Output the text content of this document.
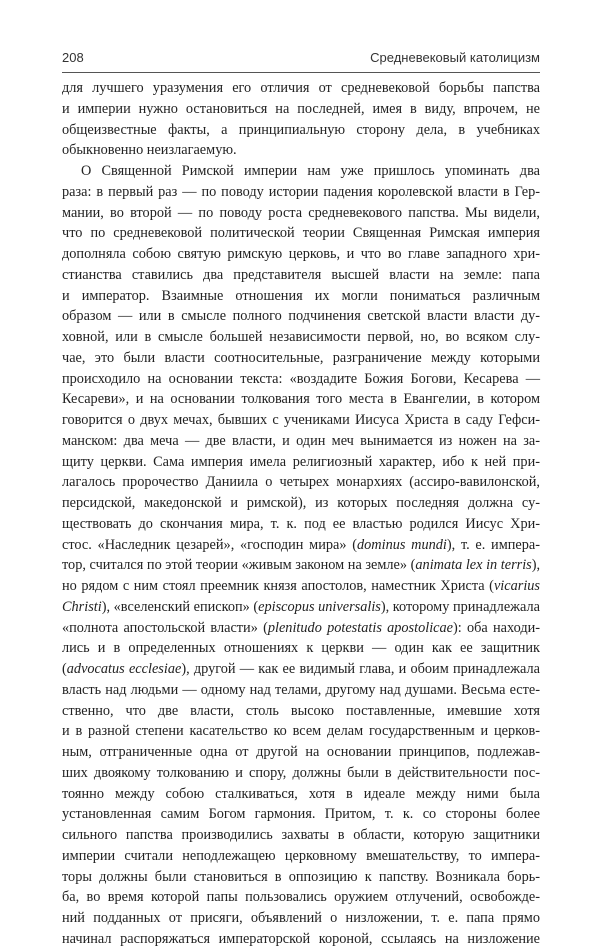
208	Средневековый католицизм
для лучшего уразумения его отличия от средневековой борьбы папства
и империи нужно остановиться на последней, имея в виду, впрочем, не
общеизвестные факты, а принципиальную сторону дела, в учебниках
обыкновенно неизлагаемую.
О Священной Римской империи нам уже пришлось упоминать два
раза: в первый раз — по поводу истории падения королевской власти в Гер-
мании, во второй — по поводу роста средневекового папства. Мы видели,
что по средневековой политической теории Священная Римская империя
дополняла собою святую римскую церковь, и что во главе западного хри-
стианства ставились два представителя высшей власти на земле: папа
и император. Взаимные отношения их могли пониматься различным
образом — или в смысле полного подчинения светской власти власти ду-
ховной, или в смысле большей независимости первой, но, во всяком слу-
чае, это были власти соотносительные, разграничение между которыми
происходило на основании текста: «воздадите Божия Богови, Кесарева —
Кесареви», и на основании толкования того места в Евангелии, в котором
говорится о двух мечах, бывших с учениками Иисуса Христа в саду Гефси-
манском: два меча — две власти, и один меч вынимается из ножен на за-
щиту церкви. Сама империя имела религиозный характер, ибо к ней при-
лагалось пророчество Даниила о четырех монархиях (ассиро-вавилонской,
персидской, македонской и римской), из которых последняя должна су-
ществовать до скончания мира, т. к. под ее властью родился Иисус Хри-
стос. «Наследник цезарей», «господин мира» (dominus mundi), т. е. импера-
тор, считался по этой теории «живым законом на земле» (animata lex in terris),
но рядом с ним стоял преемник князя апостолов, наместник Христа (vicarius
Christi), «вселенский епископ» (episcopus universalis), которому принадлежала
«полнота апостольской власти» (plenitudo potestatis apostolicae): оба находи-
лись и в определенных отношениях к церкви — один как ее защитник
(advocatus ecclesiae), другой — как ее видимый глава, и обоим принадлежала
власть над людьми — одному над телами, другому над душами. Весьма есте-
ственно, что две власти, столь высоко поставленные, имевшие хотя
и в разной степени касательство ко всем делам государственным и церков-
ным, отграниченные одна от другой на основании принципов, подлежав-
ших двоякому толкованию и спору, должны были в действительности пос-
тоянно между собою сталкиваться, хотя в идеале между ними была
установленная самим Богом гармония. Притом, т. к. со стороны более
сильного папства производились захваты в области, которую защитники
империи считали неподлежащею церковному вмешательству, то импера-
торы должны были становиться в оппозицию к папству. Возникала борь-
ба, во время которой папы пользовались оружием отлучений, освобожде-
ний подданных от присяги, объявлений о низложении, т. е. папа прямо
начинал распоряжаться императорской короной, ссылаясь на низложение
